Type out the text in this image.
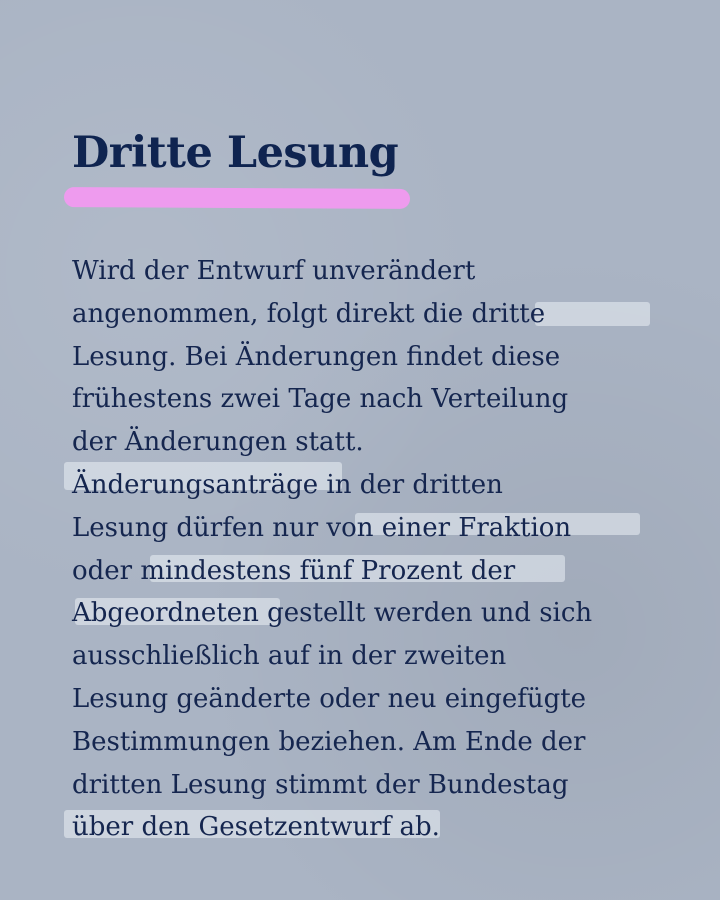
Dritte Lesung

Wird der Entwurf unverändert
angenommen, folgt direkt die dritte
Lesung. Bei Änderungen findet diese
frühestens zwei Tage nach Verteilung
der Änderungen statt.
Änderungsanträge in der dritten
Lesung dürfen nur von einer Fraktion
oder mindestens fünf Prozent der
Abgeordneten gestellt werden und sich
ausschließlich auf in der zweiten
Lesung geänderte oder neu eingefügte
Bestimmungen beziehen. Am Ende der
dritten Lesung stimmt der Bundestag
über den Gesetzentwurf ab.
